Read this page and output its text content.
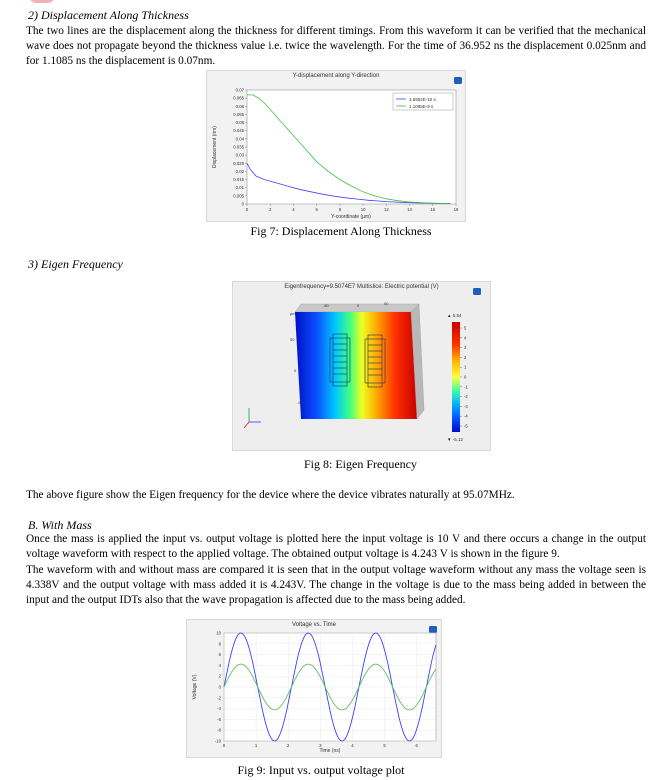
2) Displacement Along Thickness

The two lines are the displacement along the thickness for different timings. From this waveform it can be verified that the mechanical wave does not propagate beyond the thickness value i.e. twice the wavelength. For the time of 36.952 ns the displacement 0.025nm and for 1.1085 ns the displacement is 0.07nm.

Y-displacement along Y-direction
0
0.005
0.01
0.015
0.02
0.025
0.03
0.035
0.04
0.045
0.05
0.055
0.06
0.065
0.07
0	2	4	6	8	10	12	14	16	18
Displacement (nm)
Y-coordinate (µm)
3.6952E-10 s
1.1085E-9 s
Fig 7: Displacement Along Thickness
3) Eigen Frequency
Eigenfrequency=9.5074E7 Multislice: Electric potential (V)
-50	0	50
50
0
-50
µm	▲ 5.54
5
4
3
2
1
0
-1
-2
-3
-4
-5
▼ -5.12
Fig 8: Eigen Frequency

The above figure show the Eigen frequency for the device where the device vibrates naturally at 95.07MHz.

B. With Mass

Once the mass is applied the input vs. output voltage is plotted here the input voltage is 10 V and there occurs a change in the output voltage waveform with respect to the applied voltage. The obtained output voltage is 4.243 V is shown in the figure 9.

The waveform with and without mass are compared it is seen that in the output voltage waveform without any mass the voltage seen is 4.338V and the output voltage with mass added it is 4.243V. The change in the voltage is due to the mass being added in between the input and the output IDTs also that the wave propagation is affected due to the mass being added.

Voltage vs. Time
10
8
6
4
2
0
-2
-4
-6
-8
-10
0	1	2	3	4	5	6
Voltage (V)
Time (ns)
Fig 9: Input vs. output voltage plot
